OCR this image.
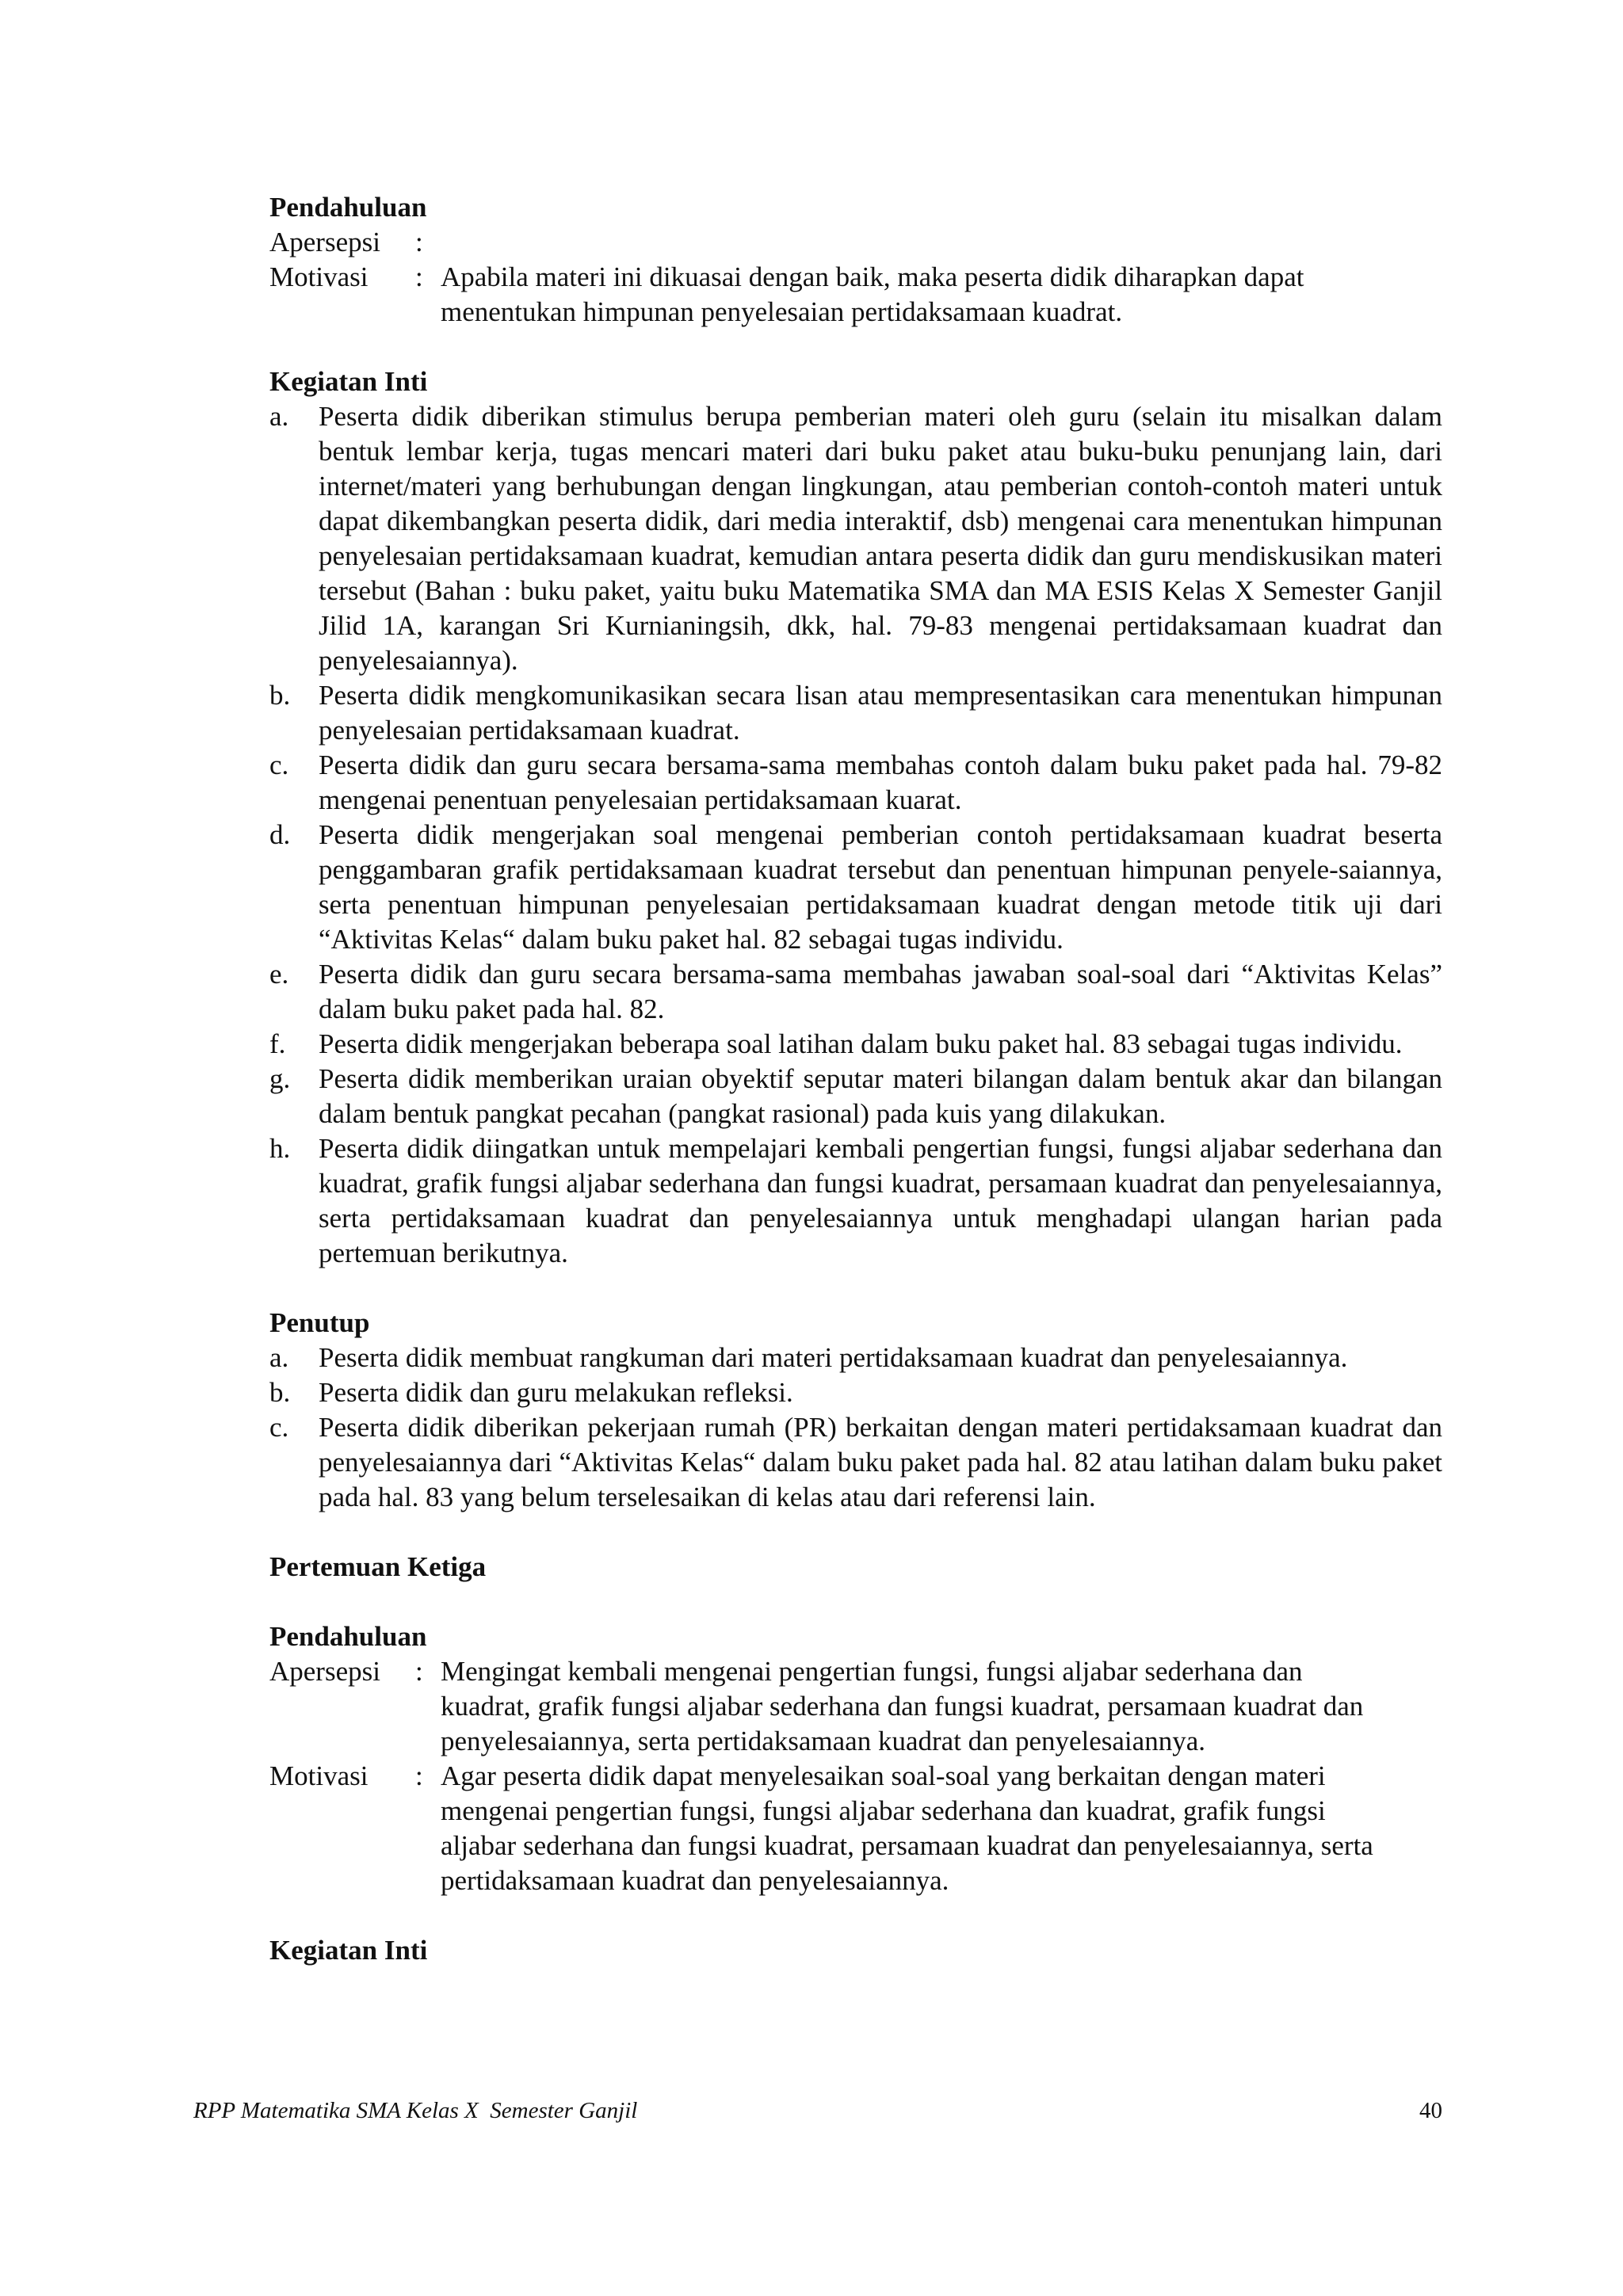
Pendahuluan

Apersepsi	:
Motivasi	: Apabila materi ini dikuasai dengan baik, maka peserta didik diharapkan dapat menentukan himpunan penyelesaian pertidaksamaan kuadrat.

Kegiatan Inti

a.	Peserta didik diberikan stimulus berupa pemberian materi oleh guru (selain itu misalkan dalam bentuk lembar kerja, tugas mencari materi dari buku paket atau buku-buku penunjang lain, dari internet/materi yang berhubungan dengan lingkungan, atau pemberian contoh-contoh materi untuk dapat dikembangkan peserta didik, dari media interaktif, dsb) mengenai cara menentukan himpunan penyelesaian pertidaksamaan kuadrat, kemudian antara peserta didik dan guru mendiskusikan materi tersebut (Bahan : buku paket, yaitu buku Matematika SMA dan MA ESIS Kelas X Semester Ganjil Jilid 1A, karangan Sri Kurnianingsih, dkk, hal. 79-83 mengenai pertidaksamaan kuadrat dan penyelesaiannya).
b.	Peserta didik mengkomunikasikan secara lisan atau mempresentasikan cara menentukan himpunan penyelesaian pertidaksamaan kuadrat.
c.	Peserta didik dan guru secara bersama-sama membahas contoh dalam buku paket pada hal. 79-82 mengenai penentuan penyelesaian pertidaksamaan kuarat.
d.	Peserta didik mengerjakan soal mengenai pemberian contoh pertidaksamaan kuadrat beserta penggambaran grafik pertidaksamaan kuadrat tersebut dan penentuan himpunan penyele-saiannya, serta penentuan himpunan penyelesaian pertidaksamaan kuadrat dengan metode titik uji dari “Aktivitas Kelas“ dalam buku paket hal. 82 sebagai tugas individu.
e.	Peserta didik dan guru secara bersama-sama membahas jawaban soal-soal dari “Aktivitas Kelas” dalam buku paket pada hal. 82.
f.	Peserta didik mengerjakan beberapa soal latihan dalam buku paket hal. 83 sebagai tugas individu.
g.	Peserta didik memberikan uraian obyektif seputar materi bilangan dalam bentuk akar dan bilangan dalam bentuk pangkat pecahan (pangkat rasional) pada kuis yang dilakukan.
h.	Peserta didik diingatkan untuk mempelajari kembali pengertian fungsi, fungsi aljabar sederhana dan kuadrat, grafik fungsi aljabar sederhana dan fungsi kuadrat, persamaan kuadrat dan penyelesaiannya, serta pertidaksamaan kuadrat dan penyelesaiannya untuk menghadapi ulangan harian pada pertemuan berikutnya.

Penutup

a.	Peserta didik membuat rangkuman dari materi pertidaksamaan kuadrat dan penyelesaiannya.
b.	Peserta didik dan guru melakukan refleksi.
c.	Peserta didik diberikan pekerjaan rumah (PR) berkaitan dengan materi pertidaksamaan kuadrat dan penyelesaiannya dari “Aktivitas Kelas“ dalam buku paket pada hal. 82 atau latihan dalam buku paket pada hal. 83 yang belum terselesaikan di kelas atau dari referensi lain.

Pertemuan Ketiga

Pendahuluan

Apersepsi	: Mengingat kembali mengenai pengertian fungsi, fungsi aljabar sederhana dan kuadrat, grafik fungsi aljabar sederhana dan fungsi kuadrat, persamaan kuadrat dan penyelesaiannya, serta pertidaksamaan kuadrat dan penyelesaiannya.
Motivasi	: Agar peserta didik dapat menyelesaikan soal-soal yang berkaitan dengan materi mengenai pengertian fungsi, fungsi aljabar sederhana dan kuadrat, grafik fungsi aljabar sederhana dan fungsi kuadrat, persamaan kuadrat dan penyelesaiannya, serta pertidaksamaan kuadrat dan penyelesaiannya.

Kegiatan Inti

RPP Matematika SMA Kelas X  Semester Ganjil	40
